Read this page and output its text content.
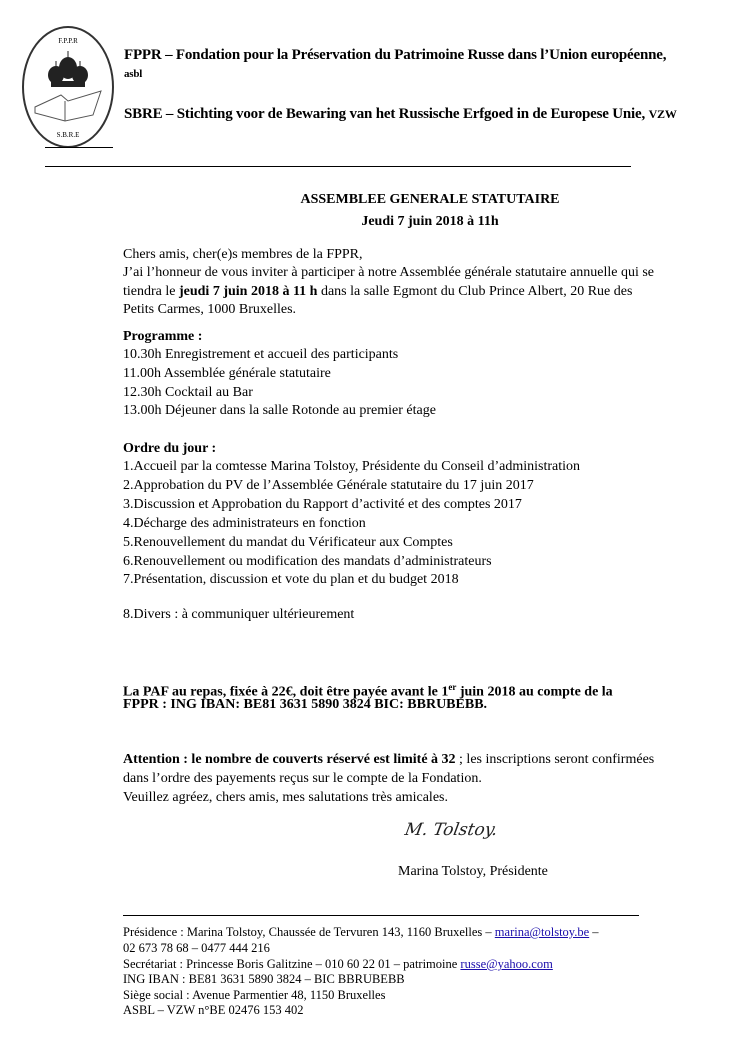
F.P.P.R
S.B.R.E
FPPR – Fondation pour la Préservation du Patrimoine Russe dans l’Union européenne,
asbl
SBRE – Stichting voor de Bewaring van het Russische Erfgoed in de Europese Unie, VZW
ASSEMBLEE GENERALE STATUTAIRE
Jeudi 7 juin 2018 à 11h
Chers amis, cher(e)s membres de la FPPR,
J’ai l’honneur de vous inviter à participer à notre Assemblée générale statutaire annuelle qui se
tiendra le jeudi 7 juin 2018 à 11 h dans la salle Egmont du Club Prince Albert, 20 Rue des
Petits Carmes, 1000 Bruxelles.
Programme :
10.30h Enregistrement et accueil des participants
11.00h Assemblée générale statutaire
12.30h Cocktail au Bar
13.00h Déjeuner dans la salle Rotonde au premier étage
Ordre du jour :
1.Accueil par la comtesse Marina Tolstoy, Présidente du Conseil d’administration
2.Approbation du PV de l’Assemblée Générale statutaire du 17 juin 2017
3.Discussion et Approbation du Rapport d’activité et des comptes 2017
4.Décharge des administrateurs en fonction
5.Renouvellement du mandat du Vérificateur aux Comptes
6.Renouvellement ou modification des mandats d’administrateurs
7.Présentation, discussion et vote du plan et du budget 2018
8.Divers : à communiquer ultérieurement
La PAF au repas, fixée à 22€, doit être payée avant le 1er juin 2018 au compte de la
FPPR : ING IBAN: BE81 3631 5890 3824 BIC: BBRUBEBB.
Attention : le nombre de couverts réservé est limité à 32 ; les inscriptions seront confirmées
dans l’ordre des payements reçus sur le compte de la Fondation.
Veuillez agréez, chers amis, mes salutations très amicales.
M. Tolstoy.
Marina Tolstoy, Présidente
Présidence : Marina Tolstoy, Chaussée de Tervuren 143, 1160 Bruxelles – marina@tolstoy.be –
02 673 78 68 – 0477 444 216
Secrétariat : Princesse Boris Galitzine – 010 60 22 01 – patrimoine russe@yahoo.com
ING IBAN : BE81 3631 5890 3824 – BIC BBRUBEBB
Siège social : Avenue Parmentier 48, 1150 Bruxelles
ASBL – VZW n°BE 02476 153 402
